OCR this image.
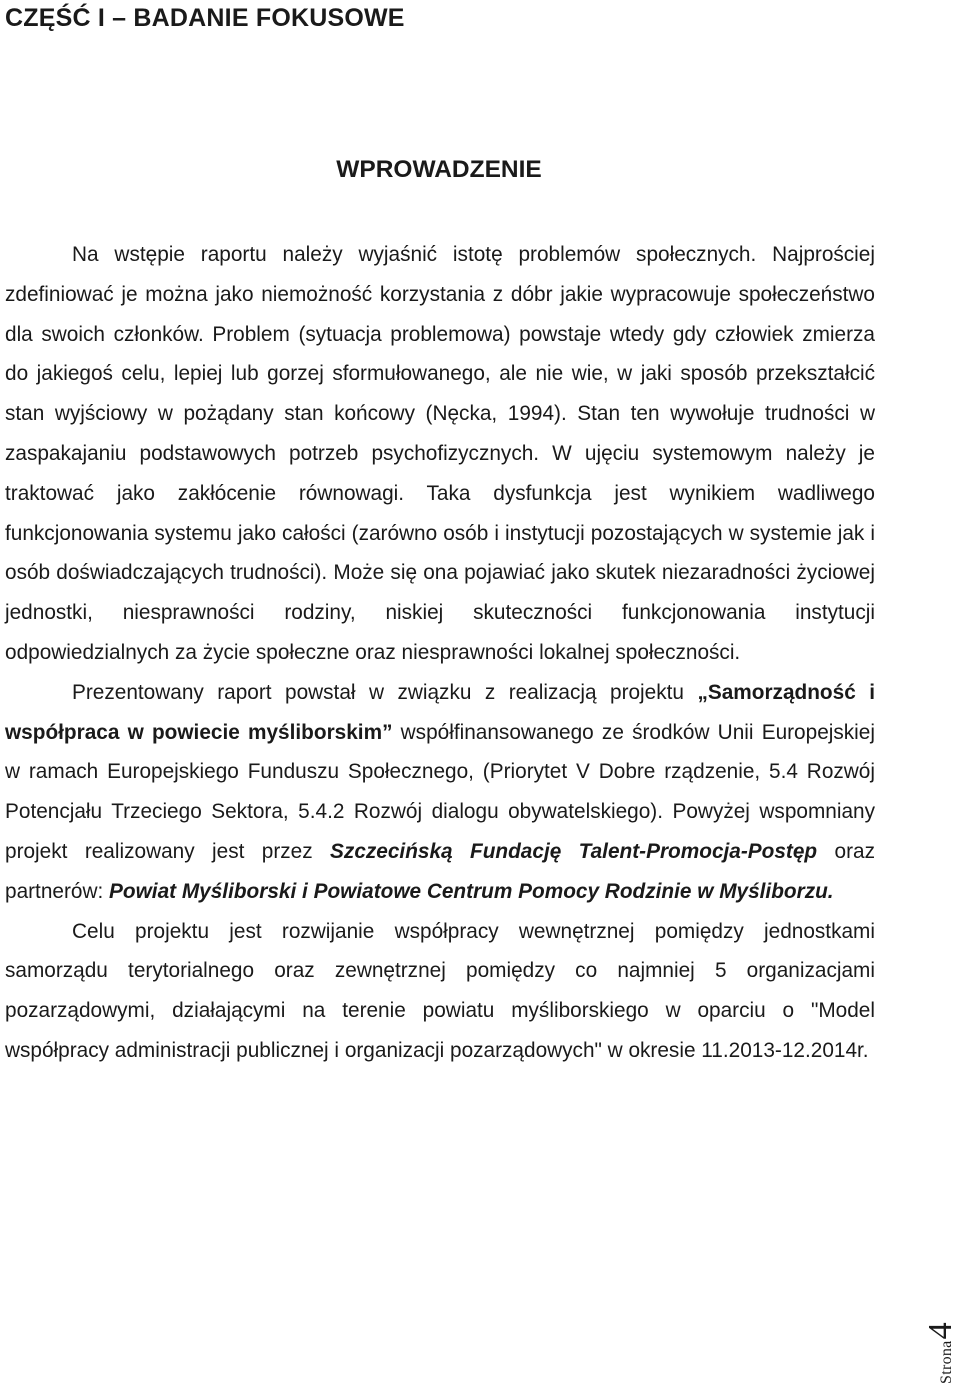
CZĘŚĆ I – BADANIE FOKUSOWE
WPROWADZENIE

Na wstępie raportu należy wyjaśnić istotę problemów społecznych. Najprościej zdefiniować je można jako niemożność korzystania z dóbr jakie wypracowuje społeczeństwo dla swoich członków. Problem (sytuacja problemowa) powstaje wtedy gdy człowiek zmierza do jakiegoś celu, lepiej lub gorzej sformułowanego, ale nie wie, w jaki sposób przekształcić stan wyjściowy w pożądany stan końcowy (Nęcka, 1994). Stan ten wywołuje trudności w zaspakajaniu podstawowych potrzeb psychofizycznych. W ujęciu systemowym należy je traktować jako zakłócenie równowagi. Taka dysfunkcja jest wynikiem wadliwego funkcjonowania systemu jako całości (zarówno osób i instytucji pozostających w systemie jak i osób doświadczających trudności). Może się ona pojawiać jako skutek niezaradności życiowej jednostki, niesprawności rodziny, niskiej skuteczności funkcjonowania instytucji odpowiedzialnych za życie społeczne oraz niesprawności lokalnej społeczności.

Prezentowany raport powstał w związku z realizacją projektu „Samorządność i współpraca w powiecie myśliborskim” współfinansowanego ze środków Unii Europejskiej w ramach Europejskiego Funduszu Społecznego, (Priorytet V Dobre rządzenie, 5.4 Rozwój Potencjału Trzeciego Sektora, 5.4.2 Rozwój dialogu obywatelskiego). Powyżej wspomniany projekt realizowany jest przez Szczecińską Fundację Talent-Promocja-Postęp oraz partnerów: Powiat Myśliborski i Powiatowe Centrum Pomocy Rodzinie w Myśliborzu.

Celu projektu jest rozwijanie współpracy wewnętrznej pomiędzy jednostkami samorządu terytorialnego oraz zewnętrznej pomiędzy co najmniej 5 organizacjami pozarządowymi, działającymi na terenie powiatu myśliborskiego w oparciu o "Model współpracy administracji publicznej i organizacji pozarządowych" w okresie 11.2013-12.2014r.

Strona
4
